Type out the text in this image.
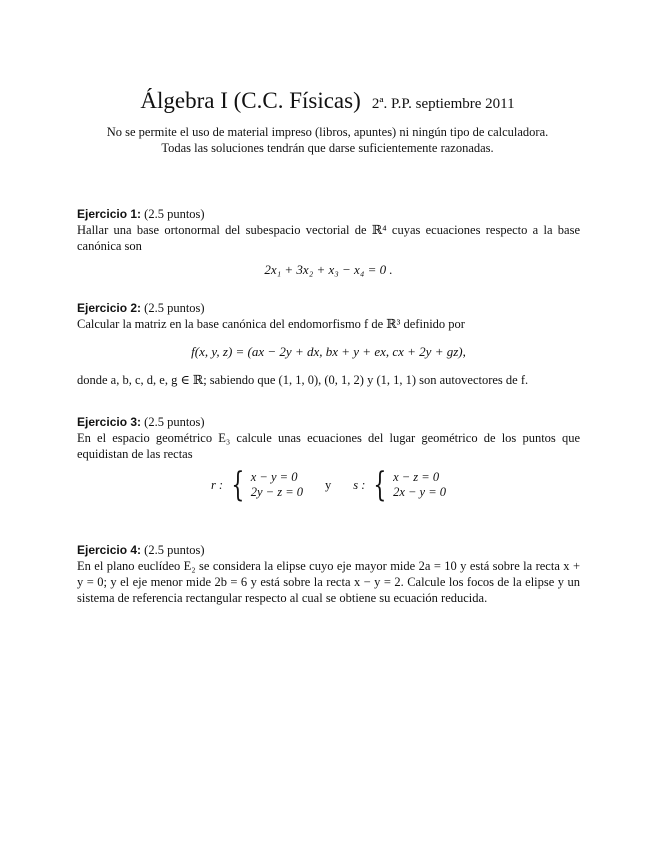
Álgebra I (C.C. Físicas) 2ª. P.P. septiembre 2011
No se permite el uso de material impreso (libros, apuntes) ni ningún tipo de calculadora.
Todas las soluciones tendrán que darse suficientemente razonadas.
Ejercicio 1: (2.5 puntos)
Hallar una base ortonormal del subespacio vectorial de ℝ⁴ cuyas ecuaciones respecto a la base canónica son
2x₁ + 3x₂ + x₃ − x₄ = 0 .
Ejercicio 2: (2.5 puntos)
Calcular la matriz en la base canónica del endomorfismo f de ℝ³ definido por
f(x, y, z) = (ax − 2y + dx, bx + y + ex, cx + 2y + gz),
donde a, b, c, d, e, g ∈ ℝ; sabiendo que (1, 1, 0), (0, 1, 2) y (1, 1, 1) son autovectores de f.
Ejercicio 3: (2.5 puntos)
En el espacio geométrico E₃ calcule unas ecuaciones del lugar geométrico de los puntos que equidistan de las rectas
r : { x − y = 0
2y − z = 0 y s : { x − z = 0
2x − y = 0
Ejercicio 4: (2.5 puntos)
En el plano euclídeo E₂ se considera la elipse cuyo eje mayor mide 2a = 10 y está sobre la recta x + y = 0; y el eje menor mide 2b = 6 y está sobre la recta x − y = 2. Calcule los focos de la elipse y un sistema de referencia rectangular respecto al cual se obtiene su ecuación reducida.
